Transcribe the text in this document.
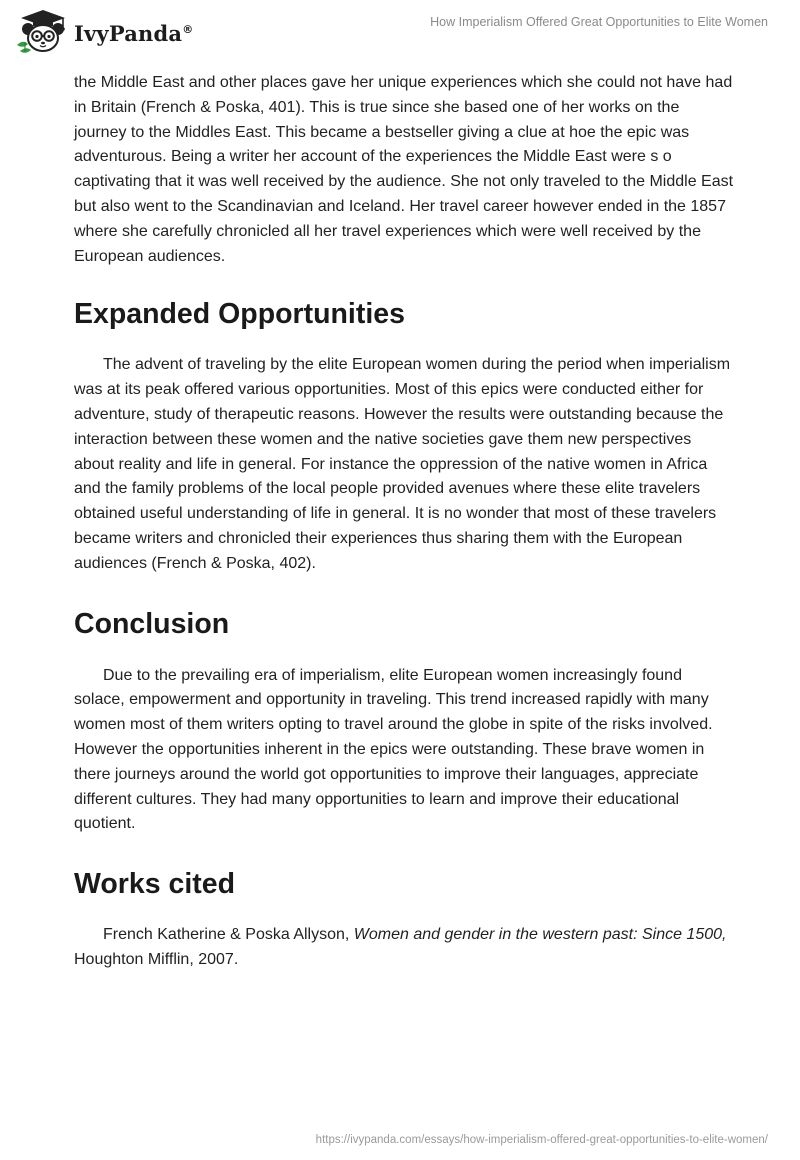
IvyPanda®	How Imperialism Offered Great Opportunities to Elite Women

the Middle East and other places gave her unique experiences which she could not have had in Britain (French & Poska, 401). This is true since she based one of her works on the journey to the Middles East. This became a bestseller giving a clue at hoe the epic was adventurous. Being a writer her account of the experiences the Middle East were s o captivating that it was well received by the audience. She not only traveled to the Middle East but also went to the Scandinavian and Iceland. Her travel career however ended in the 1857 where she carefully chronicled all her travel experiences which were well received by the European audiences.

Expanded Opportunities

The advent of traveling by the elite European women during the period when imperialism was at its peak offered various opportunities. Most of this epics were conducted either for adventure, study of therapeutic reasons. However the results were outstanding because the interaction between these women and the native societies gave them new perspectives about reality and life in general. For instance the oppression of the native women in Africa and the family problems of the local people provided avenues where these elite travelers obtained useful understanding of life in general. It is no wonder that most of these travelers became writers and chronicled their experiences thus sharing them with the European audiences (French & Poska, 402).

Conclusion

Due to the prevailing era of imperialism, elite European women increasingly found solace, empowerment and opportunity in traveling. This trend increased rapidly with many women most of them writers opting to travel around the globe in spite of the risks involved. However the opportunities inherent in the epics were outstanding. These brave women in there journeys around the world got opportunities to improve their languages, appreciate different cultures. They had many opportunities to learn and improve their educational quotient.

Works cited

French Katherine & Poska Allyson, Women and gender in the western past: Since 1500, Houghton Mifflin, 2007.

https://ivypanda.com/essays/how-imperialism-offered-great-opportunities-to-elite-women/
